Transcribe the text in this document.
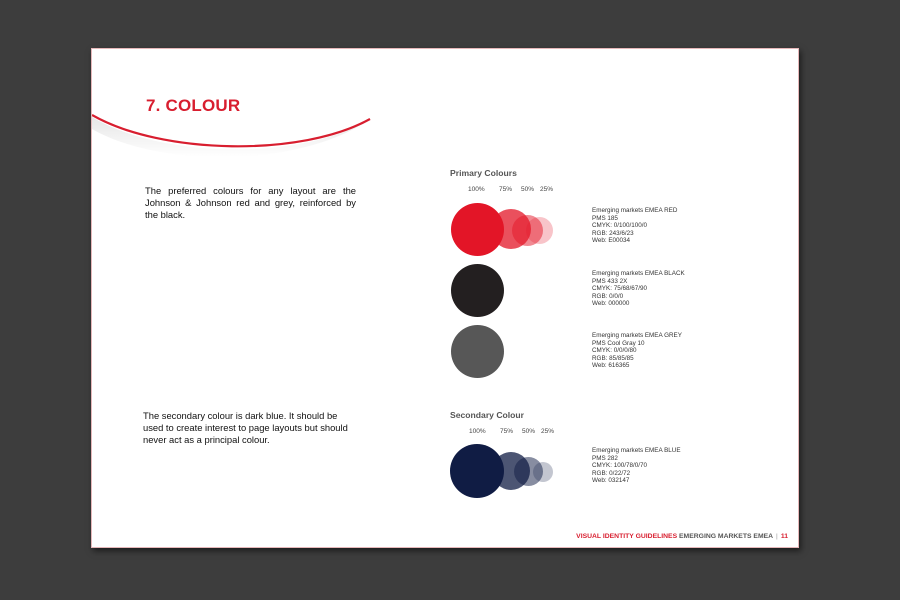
7. COLOUR
The preferred colours for any layout are the Johnson & Johnson red and grey, reinforced by the black.
The secondary colour is dark blue. It should be used to create interest to page layouts but should never act as a principal colour.
Primary Colours
100% 75% 50% 25%
Emerging markets EMEA RED
PMS 185
CMYK: 0/100/100/0
RGB: 243/6/23
Web: E00034
Emerging markets EMEA BLACK
PMS 433 2X
CMYK: 75/68/67/90
RGB: 0/0/0
Web: 000000
Emerging markets EMEA GREY
PMS Cool Gray 10
CMYK: 0/0/0/80
RGB: 85/85/85
Web: 616365
Secondary Colour
100% 75% 50% 25%
Emerging markets EMEA BLUE
PMS 282
CMYK: 100/78/0/70
RGB: 0/22/72
Web: 032147
VISUAL IDENTITY GUIDELINES EMERGING MARKETS EMEA | 11
